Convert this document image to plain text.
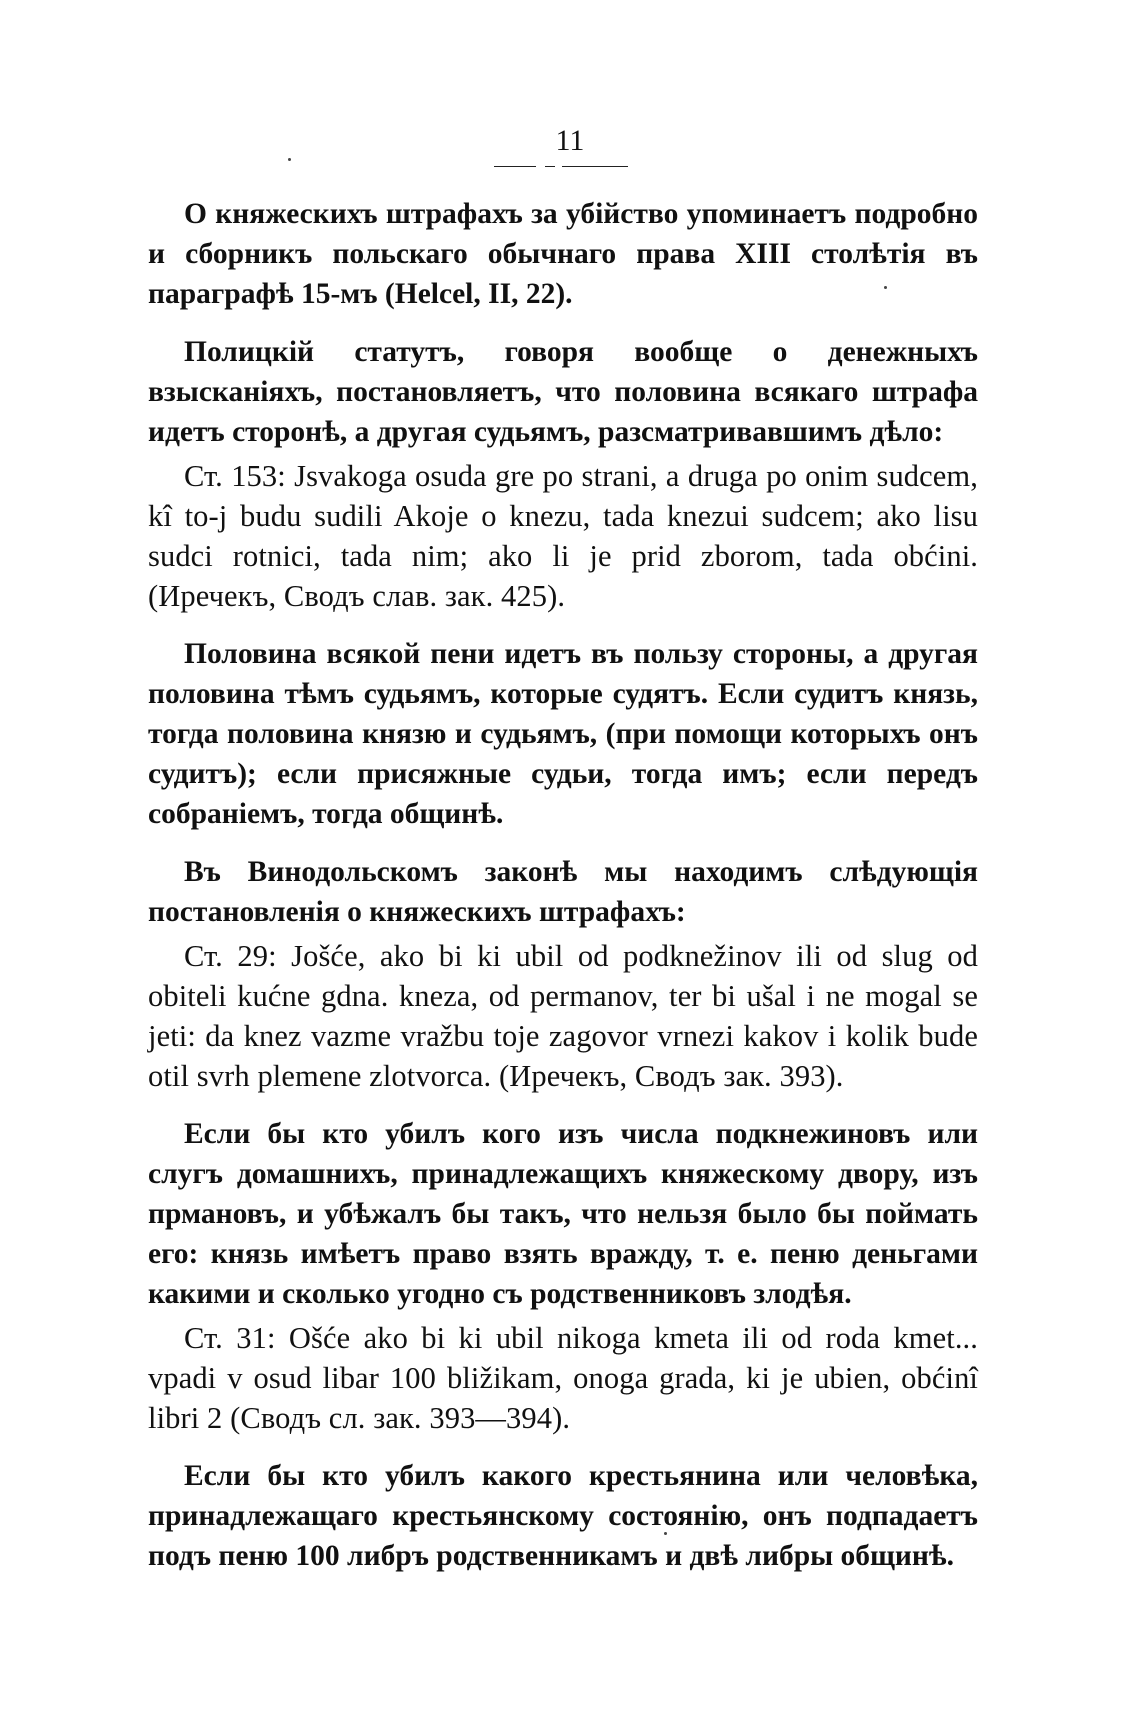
11

О княжескихъ штрафахъ за убійство упоминаетъ подробно и сборникъ польскаго обычнаго права XIII столѣтія въ параграфѣ 15-мъ (Helcel, II, 22).

Полицкій статутъ, говоря вообще о денежныхъ взысканіяхъ, постановляетъ, что половина всякаго штрафа идетъ сторонѣ, а другая судьямъ, разсматривавшимъ дѣло:

Ст. 153: Jsvakoga osuda gre po strani, a druga po onim sudcem, kî to-j budu sudili Akoje o knezu, tada knezui sudcem; ako lisu sudci rotnici, tada nim; ako li je prid zborom, tada obćini. (Иречекъ, Сводъ слав. зак. 425).

Половина всякой пени идетъ въ пользу стороны, а другая половина тѣмъ судьямъ, которые судятъ. Если судитъ князь, тогда половина князю и судьямъ, (при помощи которыхъ онъ судитъ); если присяжные судьи, тогда имъ; если передъ собраніемъ, тогда общинѣ.

Въ Винодольскомъ законѣ мы находимъ слѣдующія постановленія о княжескихъ штрафахъ:

Ст. 29: Jošće, ako bi ki ubil od podknežinov ili od slug od obiteli kućne gdna. kneza, od permanov, ter bi ušal i ne mogal se jeti: da knez vazme vražbu toje zagovor vrnezi kakov i kolik bude otil svrh plemene zlotvorca. (Иречекъ, Сводъ зак. 393).

Если бы кто убилъ кого изъ числа подкнежиновъ или слугъ домашнихъ, принадлежащихъ княжескому двору, изъ прмановъ, и убѣжалъ бы такъ, что нельзя было бы поймать его: князь имѣетъ право взять вражду, т. е. пеню деньгами какими и сколько угодно съ родственниковъ злодѣя.

Ст. 31: Ošće ako bi ki ubil nikoga kmeta ili od roda kmet... vpadi v osud libar 100 bližikam, onoga grada, ki je ubien, obćinî libri 2 (Сводъ сл. зак. 393—394).

Если бы кто убилъ какого крестьянина или человѣка, принадлежащаго крестьянскому состоянію, онъ подпадаетъ подъ пеню 100 либръ родственникамъ и двѣ либры общинѣ.
